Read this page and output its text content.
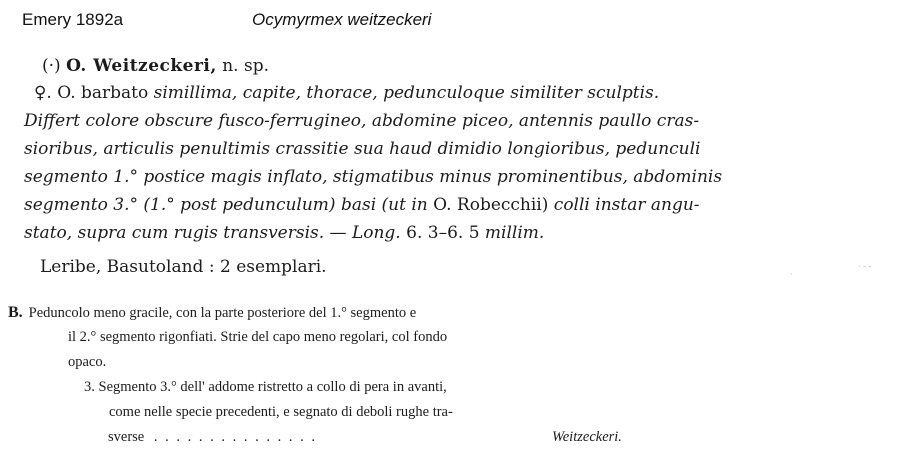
Emery 1892a	Ocymyrmex weitzeckeri
(·) O. Weitzeckeri, n. sp.
♀. O. barbato simillima, capite, thorace, pedunculoque similiter sculptis.
Differt colore obscure fusco-ferrugineo, abdomine piceo, antennis paullo cras-
sioribus, articulis penultimis crassitie sua haud dimidio longioribus, pedunculi
segmento 1.° postice magis inflato, stigmatibus minus prominentibus, abdominis
segmento 3.° (1.° post pedunculum) basi (ut in O. Robecchii) colli instar angu-
stato, supra cum rugis transversis. — Long. 6. 3–6. 5 millim.
Leribe, Basutoland : 2 esemplari.	·
· - -
B. Peduncolo meno gracile, con la parte posteriore del 1.° segmento e
il 2.° segmento rigonfiati. Strie del capo meno regolari, col fondo
opaco.
3. Segmento 3.° dell' addome ristretto a collo di pera in avanti,
come nelle specie precedenti, e segnato di deboli rughe tra-
sverse . . . . . . . . . . . . . . .	Weitzeckeri.
